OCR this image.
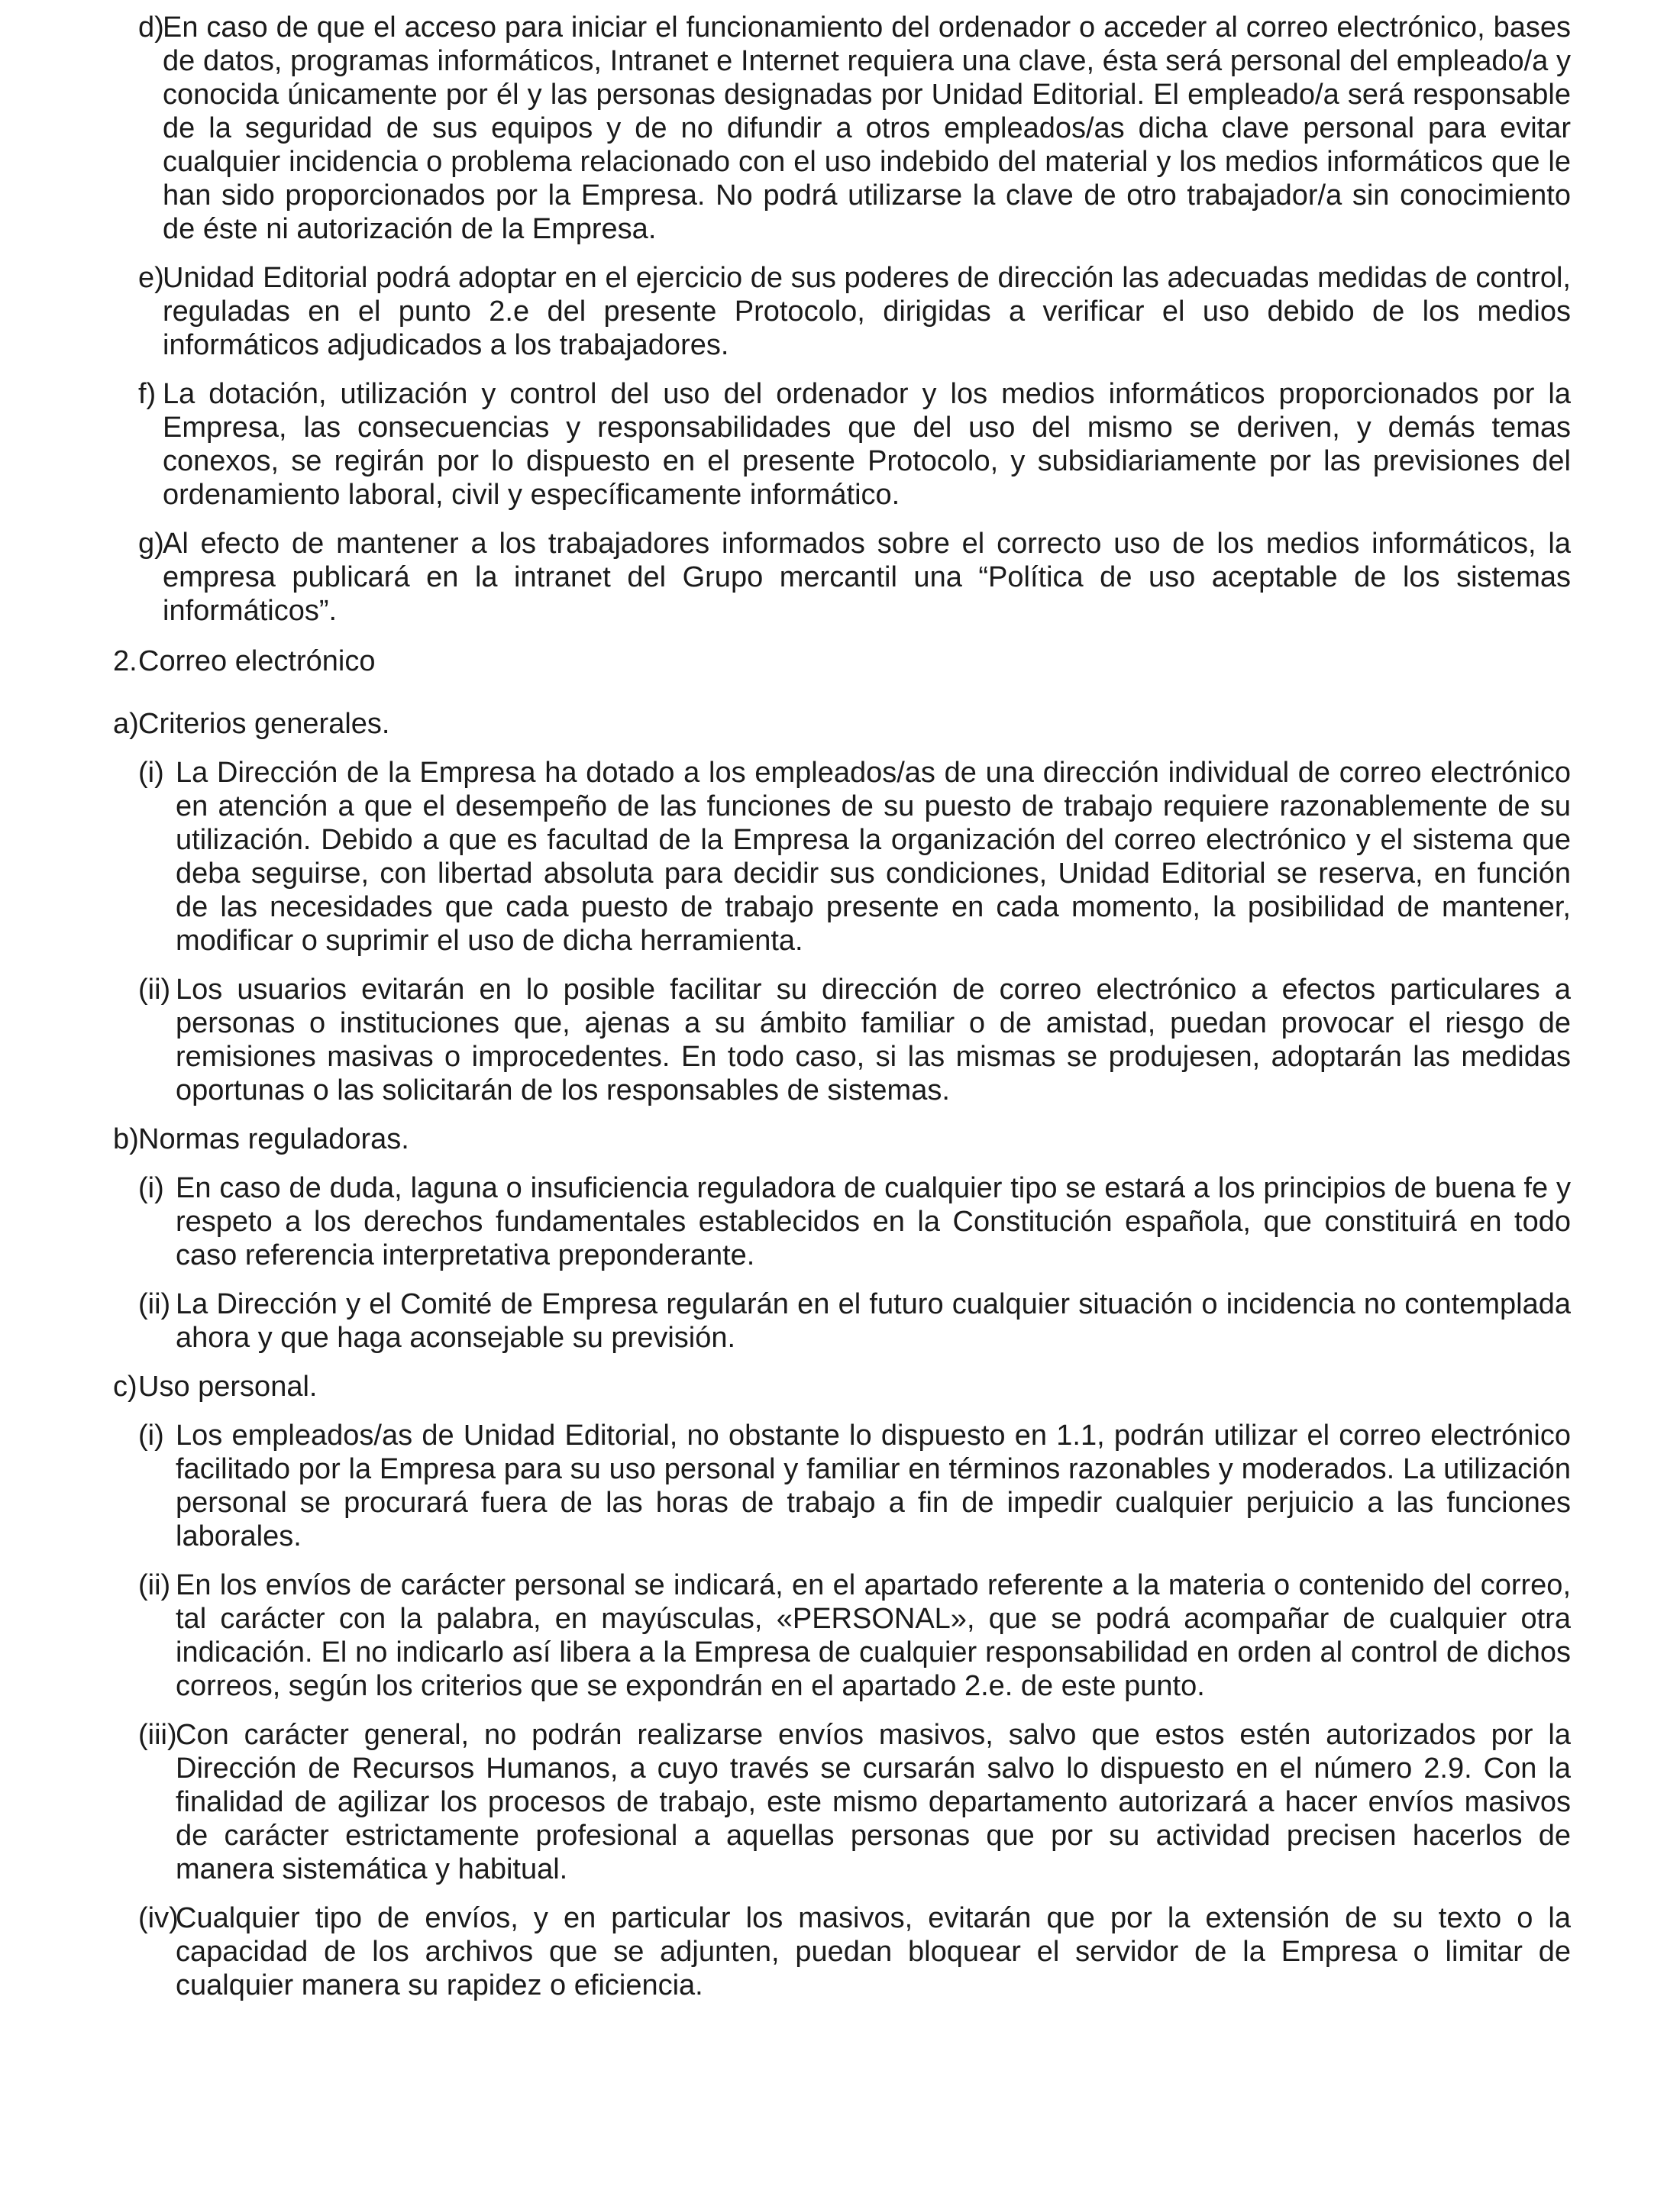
d)
En caso de que el acceso para iniciar el funcionamiento del ordenador o acceder al correo electrónico, bases de datos, programas informáticos, Intranet e Internet requiera una clave, ésta será personal del empleado/a y conocida únicamente por él y las personas designadas por Unidad Editorial. El empleado/a será responsable de la seguridad de sus equipos y de no difundir a otros empleados/as dicha clave personal para evitar cualquier incidencia o problema relacionado con el uso indebido del material y los medios informáticos que le han sido proporcionados por la Empresa. No podrá utilizarse la clave de otro trabajador/a sin conocimiento de éste ni autorización de la Empresa.
e)
Unidad Editorial podrá adoptar en el ejercicio de sus poderes de dirección las adecuadas medidas de control, reguladas en el punto 2.e del presente Protocolo, dirigidas a verificar el uso debido de los medios informáticos adjudicados a los trabajadores.
f) La dotación, utilización y control del uso del ordenador y los medios informáticos proporcionados por la Empresa, las consecuencias y responsabilidades que del uso del mismo se deriven, y demás temas conexos, se regirán por lo dispuesto en el presente Protocolo, y subsidiariamente por las previsiones del ordenamiento laboral, civil y específicamente informático.
g)
Al efecto de mantener a los trabajadores informados sobre el correcto uso de los medios informáticos, la empresa publicará en la intranet del Grupo mercantil una “Política de uso aceptable de los sistemas informáticos”.
2. Correo electrónico
a) Criterios generales.
(i) La Dirección de la Empresa ha dotado a los empleados/as de una dirección individual de correo electrónico en atención a que el desempeño de las funciones de su puesto de trabajo requiere razonablemente de su utilización. Debido a que es facultad de la Empresa la organización del correo electrónico y el sistema que deba seguirse, con libertad absoluta para decidir sus condiciones, Unidad Editorial se reserva, en función de las necesidades que cada puesto de trabajo presente en cada momento, la posibilidad de mantener, modificar o suprimir el uso de dicha herramienta.
(ii) Los usuarios evitarán en lo posible facilitar su dirección de correo electrónico a efectos particulares a personas o instituciones que, ajenas a su ámbito familiar o de amistad, puedan provocar el riesgo de remisiones masivas o improcedentes. En todo caso, si las mismas se produjesen, adoptarán las medidas oportunas o las solicitarán de los responsables de sistemas.
b) Normas reguladoras.
(i) En caso de duda, laguna o insuficiencia reguladora de cualquier tipo se estará a los principios de buena fe y respeto a los derechos fundamentales establecidos en la Constitución española, que constituirá en todo caso referencia interpretativa preponderante.
(ii) La Dirección y el Comité de Empresa regularán en el futuro cualquier situación o incidencia no contemplada ahora y que haga aconsejable su previsión.
c) Uso personal.
(i) Los empleados/as de Unidad Editorial, no obstante lo dispuesto en 1.1, podrán utilizar el correo electrónico facilitado por la Empresa para su uso personal y familiar en términos razonables y moderados. La utilización personal se procurará fuera de las horas de trabajo a fin de impedir cualquier perjuicio a las funciones laborales.
(ii) En los envíos de carácter personal se indicará, en el apartado referente a la materia o contenido del correo, tal carácter con la palabra, en mayúsculas, «PERSONAL», que se podrá acompañar de cualquier otra indicación. El no indicarlo así libera a la Empresa de cualquier responsabilidad en orden al control de dichos correos, según los criterios que se expondrán en el apartado 2.e. de este punto.
(iii)
Con carácter general, no podrán realizarse envíos masivos, salvo que estos estén autorizados por la Dirección de Recursos Humanos, a cuyo través se cursarán salvo lo dispuesto en el número 2.9. Con la finalidad de agilizar los procesos de trabajo, este mismo departamento autorizará a hacer envíos masivos de carácter estrictamente profesional a aquellas personas que por su actividad precisen hacerlos de manera sistemática y habitual.
(iv)
Cualquier tipo de envíos, y en particular los masivos, evitarán que por la extensión de su texto o la capacidad de los archivos que se adjunten, puedan bloquear el servidor de la Empresa o limitar de cualquier manera su rapidez o eficiencia.
